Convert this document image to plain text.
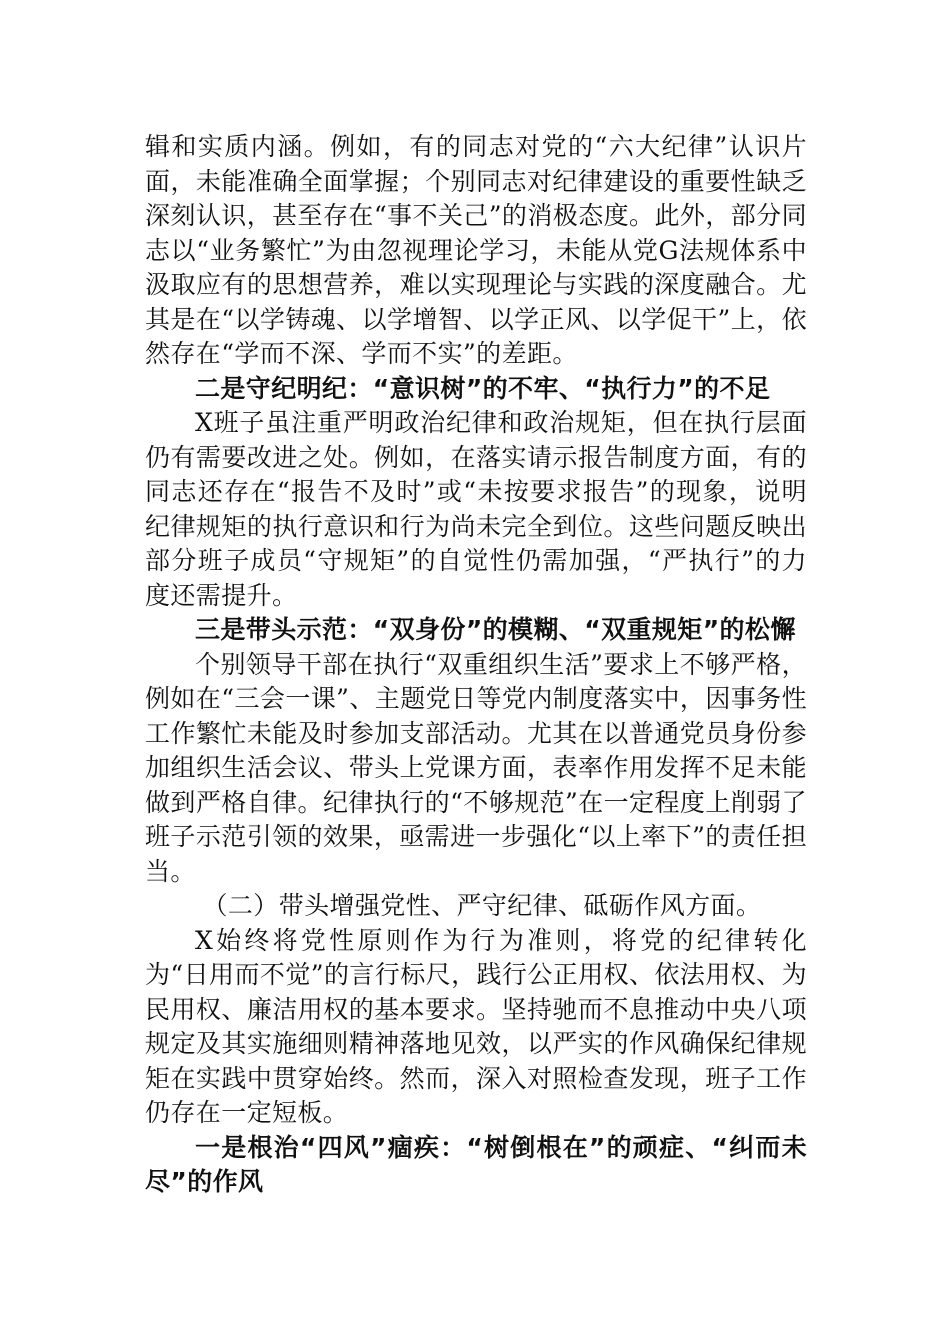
辑和实质内涵。例如，有的同志对党的“六大纪律”认识片面，未能准确全面掌握；个别同志对纪律建设的重要性缺乏深刻认识，甚至存在“事不关己”的消极态度。此外，部分同志以“业务繁忙”为由忽视理论学习，未能从党G法规体系中汲取应有的思想营养，难以实现理论与实践的深度融合。尤其是在“以学铸魂、以学增智、以学正风、以学促干”上，依然存在“学而不深、学而不实”的差距。

二是守纪明纪：“意识树”的不牢、“执行力”的不足

X班子虽注重严明政治纪律和政治规矩，但在执行层面仍有需要改进之处。例如，在落实请示报告制度方面，有的同志还存在“报告不及时”或“未按要求报告”的现象，说明纪律规矩的执行意识和行为尚未完全到位。这些问题反映出部分班子成员“守规矩”的自觉性仍需加强，“严执行”的力度还需提升。

三是带头示范：“双身份”的模糊、“双重规矩”的松懈

个别领导干部在执行“双重组织生活”要求上不够严格，例如在“三会一课”、主题党日等党内制度落实中，因事务性工作繁忙未能及时参加支部活动。尤其在以普通党员身份参加组织生活会议、带头上党课方面，表率作用发挥不足未能做到严格自律。纪律执行的“不够规范”在一定程度上削弱了班子示范引领的效果，亟需进一步强化“以上率下”的责任担当。

（二）带头增强党性、严守纪律、砥砺作风方面。

X始终将党性原则作为行为准则，将党的纪律转化为“日用而不觉”的言行标尺，践行公正用权、依法用权、为民用权、廉洁用权的基本要求。坚持驰而不息推动中央八项规定及其实施细则精神落地见效，以严实的作风确保纪律规矩在实践中贯穿始终。然而，深入对照检查发现，班子工作仍存在一定短板。

一是根治“四风”痼疾：“树倒根在”的顽症、“纠而未尽”的作风
